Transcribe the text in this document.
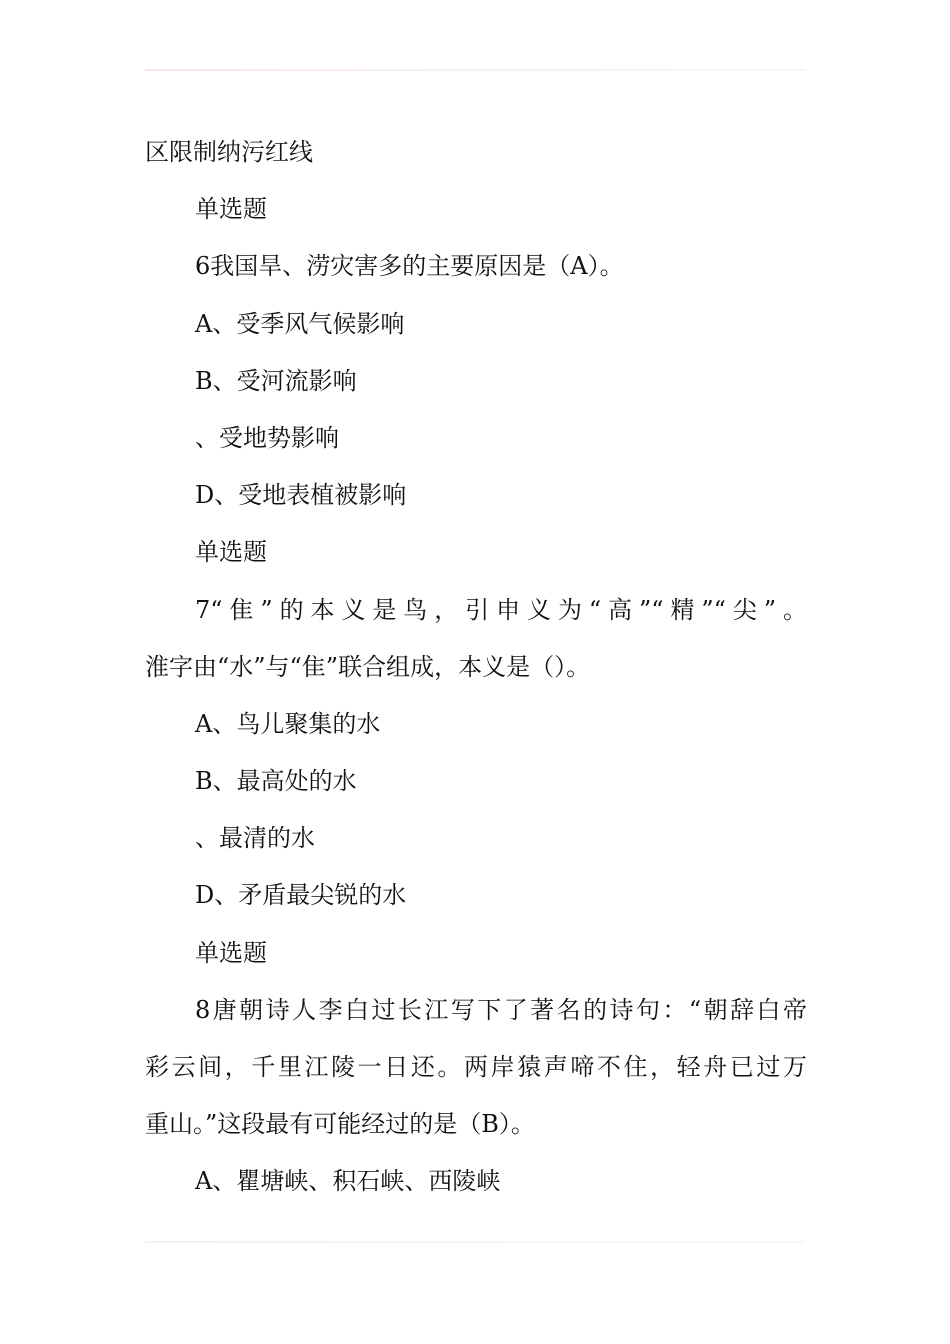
区限制纳污红线
单选题
6我国旱、涝灾害多的主要原因是（A）。
A、受季风气候影响
B、受河流影响
、受地势影响
D、受地表植被影响
单选题
7“隹”的本义是鸟，引申义为“高”“精”“尖”。
淮字由“水”与“隹”联合组成，本义是（）。
A、鸟儿聚集的水
B、最高处的水
、最清的水
D、矛盾最尖锐的水
单选题
8唐朝诗人李白过长江写下了著名的诗句：“朝辞白帝
彩云间，千里江陵一日还。两岸猿声啼不住，轻舟已过万
重山。”这段最有可能经过的是（B）。
A、瞿塘峡、积石峡、西陵峡
